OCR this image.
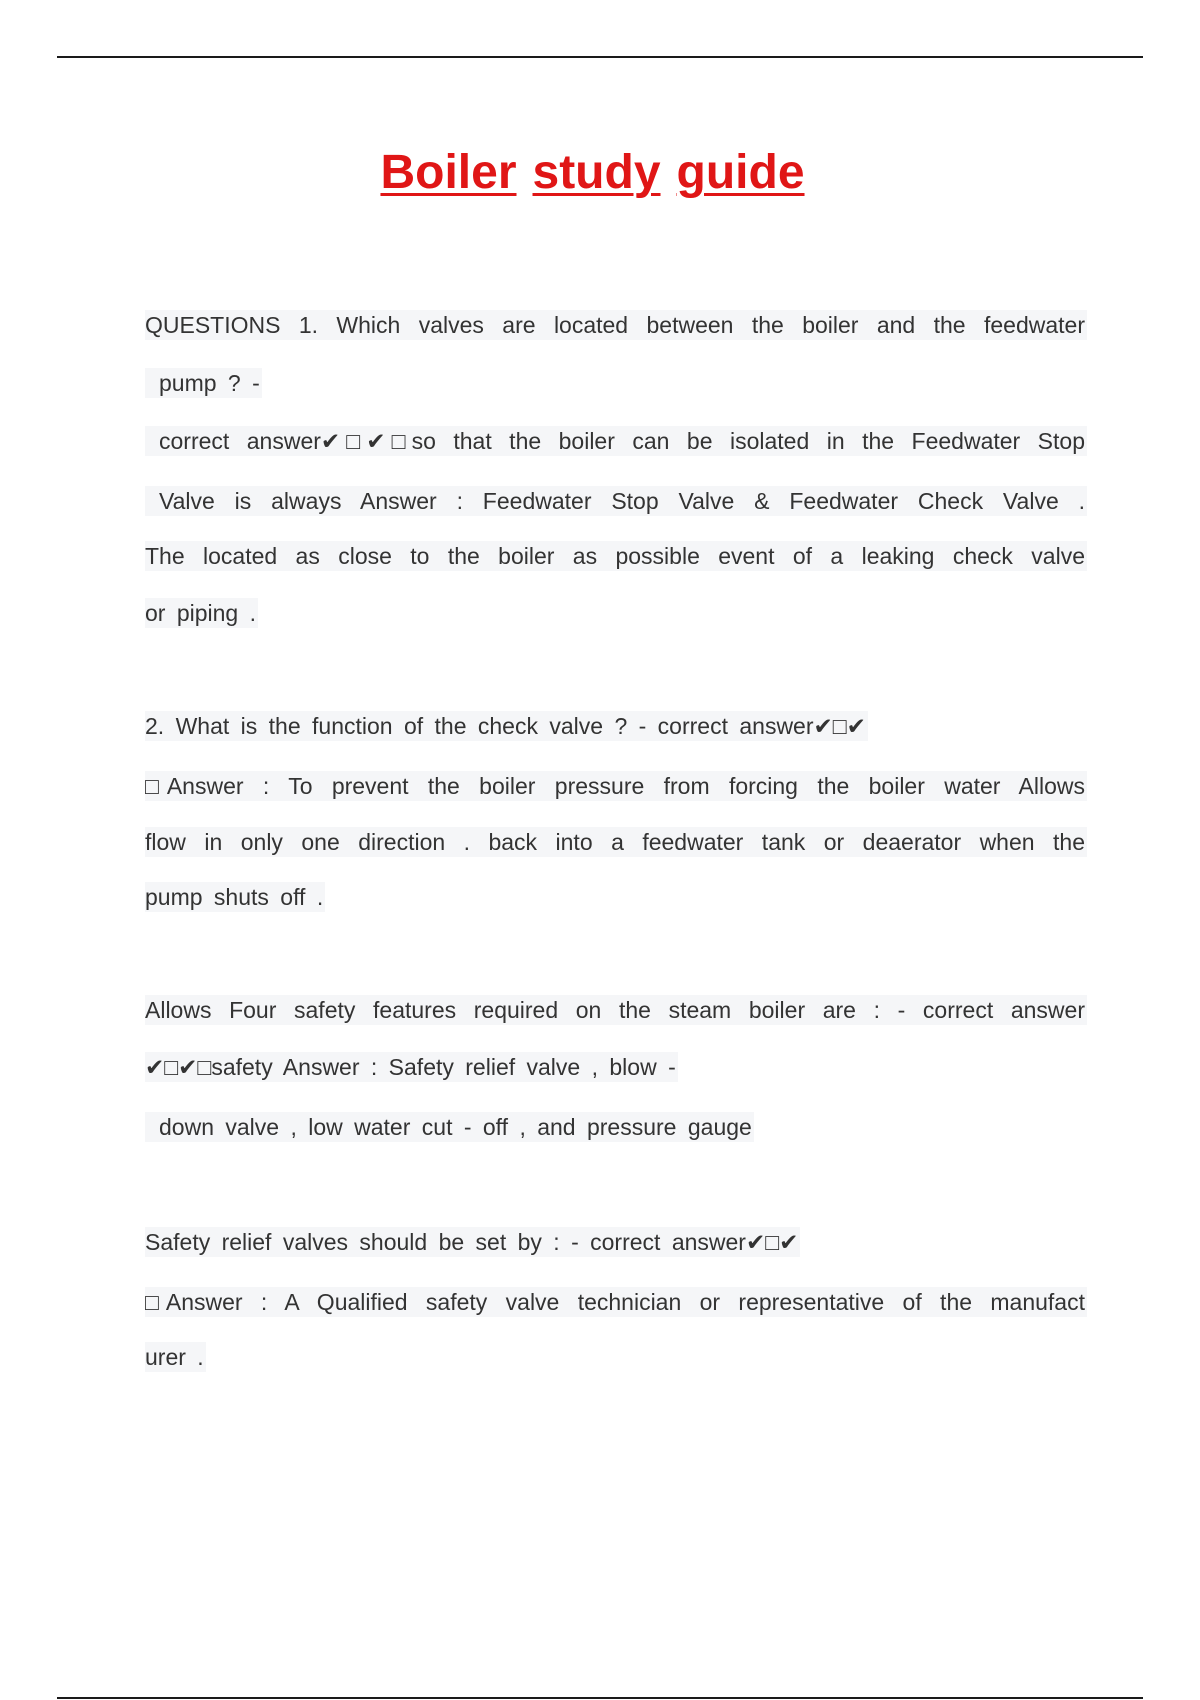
Boiler study guide
QUESTIONS 1. Which valves are located between the boiler and the feedwater
pump ? -
correct answer✔□✔□so that the boiler can be isolated in the Feedwater Stop
Valve is always Answer : Feedwater Stop Valve & Feedwater Check Valve .
The located as close to the boiler as possible event of a leaking check valve
or piping .
2. What is the function of the check valve ? - correct answer✔□✔
□Answer : To prevent the boiler pressure from forcing the boiler water Allows
flow in only one direction . back into a feedwater tank or deaerator when the
pump shuts off .
Allows Four safety features required on the steam boiler are : - correct answer
✔□✔□safety Answer : Safety relief valve , blow -
down valve , low water cut - off , and pressure gauge
Safety relief valves should be set by : - correct answer✔□✔
□Answer : A Qualified safety valve technician or representative of the manufact
urer .
